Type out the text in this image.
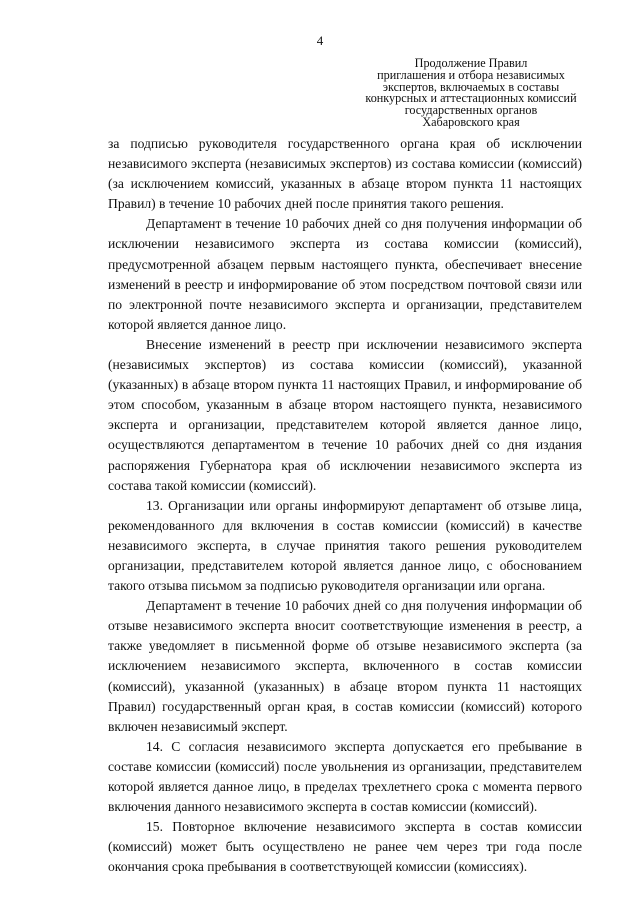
4
Продолжение Правил
приглашения и отбора независимых
экспертов, включаемых в составы
конкурсных и аттестационных комиссий
государственных органов
Хабаровского края

за подписью руководителя государственного органа края об исключении независимого эксперта (независимых экспертов) из состава комиссии (комиссий) (за исключением комиссий, указанных в абзаце втором пункта 11 настоящих Правил) в течение 10 рабочих дней после принятия такого решения.

Департамент в течение 10 рабочих дней со дня получения информации об исключении независимого эксперта из состава комиссии (комиссий), предусмотренной абзацем первым настоящего пункта, обеспечивает внесение изменений в реестр и информирование об этом посредством почтовой связи или по электронной почте независимого эксперта и организации, представителем которой является данное лицо.

Внесение изменений в реестр при исключении независимого эксперта (независимых экспертов) из состава комиссии (комиссий), указанной (указанных) в абзаце втором пункта 11 настоящих Правил, и информирование об этом способом, указанным в абзаце втором настоящего пункта, независимого эксперта и организации, представителем которой является данное лицо, осуществляются департаментом в течение 10 рабочих дней со дня издания распоряжения Губернатора края об исключении независимого эксперта из состава такой комиссии (комиссий).

13. Организации или органы информируют департамент об отзыве лица, рекомендованного для включения в состав комиссии (комиссий) в качестве независимого эксперта, в случае принятия такого решения руководителем организации, представителем которой является данное лицо, с обоснованием такого отзыва письмом за подписью руководителя организации или органа.

Департамент в течение 10 рабочих дней со дня получения информации об отзыве независимого эксперта вносит соответствующие изменения в реестр, а также уведомляет в письменной форме об отзыве независимого эксперта (за исключением независимого эксперта, включенного в состав комиссии (комиссий), указанной (указанных) в абзаце втором пункта 11 настоящих Правил) государственный орган края, в состав комиссии (комиссий) которого включен независимый эксперт.

14. С согласия независимого эксперта допускается его пребывание в составе комиссии (комиссий) после увольнения из организации, представителем которой является данное лицо, в пределах трехлетнего срока с момента первого включения данного независимого эксперта в состав комиссии (комиссий).

15. Повторное включение независимого эксперта в состав комиссии (комиссий) может быть осуществлено не ранее чем через три года после окончания срока пребывания в соответствующей комиссии (комиссиях).
